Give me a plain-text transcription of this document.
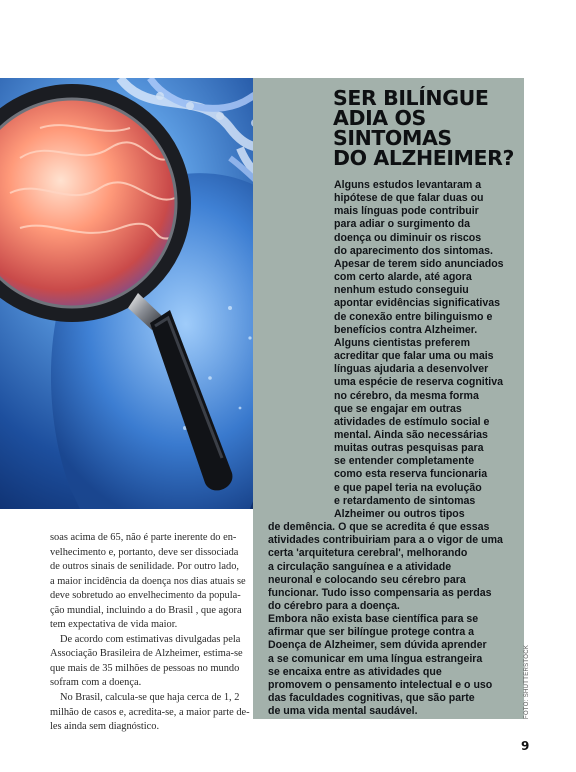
SER BILÍNGUE
ADIA OS
SINTOMAS
DO ALZHEIMER?
Alguns estudos levantaram a
hipótese de que falar duas ou
mais línguas pode contribuir
para adiar o surgimento da
doença ou diminuir os riscos
do aparecimento dos sintomas.
Apesar de terem sido anunciados
com certo alarde, até agora
nenhum estudo conseguiu
apontar evidências significativas
de conexão entre bilinguismo e
benefícios contra Alzheimer.
Alguns cientistas preferem
acreditar que falar uma ou mais
línguas ajudaria a desenvolver
uma espécie de reserva cognitiva
no cérebro, da mesma forma
que se engajar em outras
atividades de estímulo social e
mental. Ainda são necessárias
muitas outras pesquisas para
se entender completamente
como esta reserva funcionaria
e que papel teria na evolução
e retardamento de sintomas
Alzheimer ou outros tipos
de demência. O que se acredita é que essas
atividades contribuiriam para a o vigor de uma
certa 'arquitetura cerebral', melhorando
a circulação sanguínea e a atividade
neuronal e colocando seu cérebro para
funcionar. Tudo isso compensaria as perdas
do cérebro para a doença.
Embora não exista base científica para se
afirmar que ser bilíngue protege contra a
Doença de Alzheimer, sem dúvida aprender
a se comunicar em uma língua estrangeira
se encaixa entre as atividades que
promovem o pensamento intelectual e o uso
das faculdades cognitivas, que são parte
de uma vida mental saudável.
soas acima de 65, não é parte inerente do en-
velhecimento e, portanto, deve ser dissociada
de outros sinais de senilidade. Por outro lado,
a maior incidência da doença nos dias atuais se
deve sobretudo ao envelhecimento da popula-
ção mundial, incluindo a do Brasil , que agora
tem expectativa de vida maior.
De acordo com estimativas divulgadas pela
Associação Brasileira de Alzheimer, estima-se
que mais de 35 milhões de pessoas no mundo
sofram com a doença.
No Brasil, calcula-se que haja cerca de 1, 2
milhão de casos e, acredita-se, a maior parte de-
les ainda sem diagnóstico.
FOTO: SHUTTERSTOCK
9
